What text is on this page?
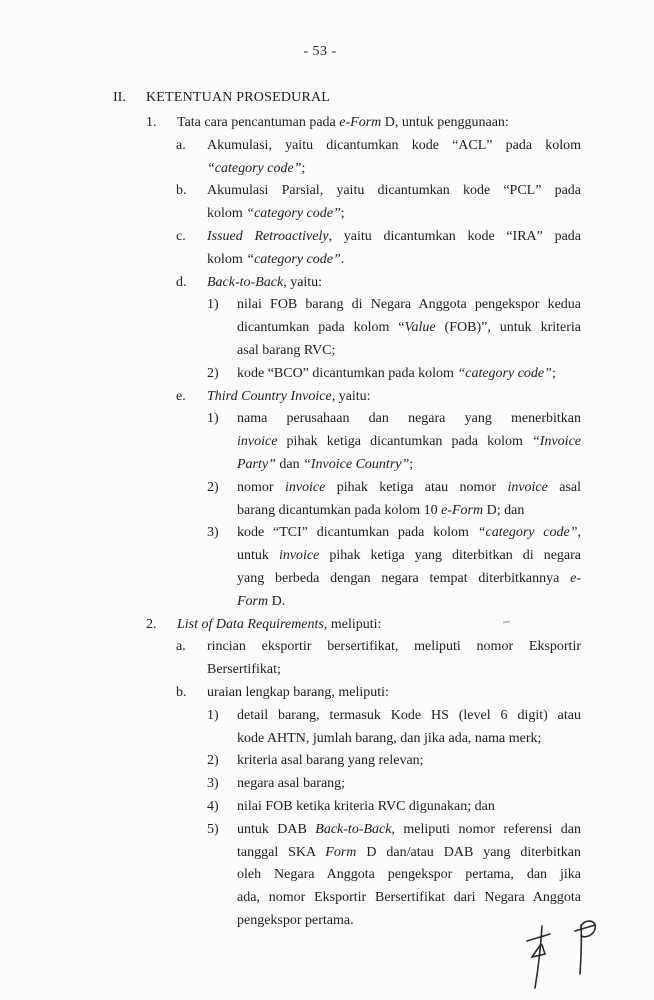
- 53 -
II. KETENTUAN PROSEDURAL
1. Tata cara pencantuman pada e-Form D, untuk penggunaan:
a. Akumulasi, yaitu dicantumkan kode “ACL” pada kolom
“category code”;
b. Akumulasi Parsial, yaitu dicantumkan kode “PCL” pada
kolom “category code”;
c. Issued Retroactively, yaitu dicantumkan kode “IRA” pada
kolom “category code”.
d. Back-to-Back, yaitu:
1) nilai FOB barang di Negara Anggota pengekspor kedua
dicantumkan pada kolom “Value (FOB)”, untuk kriteria
asal barang RVC;
2) kode “BCO” dicantumkan pada kolom “category code”;
e. Third Country Invoice, yaitu:
1) nama perusahaan dan negara yang menerbitkan
invoice pihak ketiga dicantumkan pada kolom “Invoice
Party” dan “Invoice Country”;
2) nomor invoice pihak ketiga atau nomor invoice asal
barang dicantumkan pada kolom 10 e-Form D; dan
3) kode “TCI” dicantumkan pada kolom “category code”,
untuk invoice pihak ketiga yang diterbitkan di negara
yang berbeda dengan negara tempat diterbitkannya e-
Form D.
2. List of Data Requirements, meliputi:
a. rincian eksportir bersertifikat, meliputi nomor Eksportir
Bersertifikat;
b. uraian lengkap barang, meliputi:
1) detail barang, termasuk Kode HS (level 6 digit) atau
kode AHTN, jumlah barang, dan jika ada, nama merk;
2) kriteria asal barang yang relevan;
3) negara asal barang;
4) nilai FOB ketika kriteria RVC digunakan; dan
5) untuk DAB Back-to-Back, meliputi nomor referensi dan
tanggal SKA Form D dan/atau DAB yang diterbitkan
oleh Negara Anggota pengekspor pertama, dan jika
ada, nomor Eksportir Bersertifikat dari Negara Anggota
pengekspor pertama.
